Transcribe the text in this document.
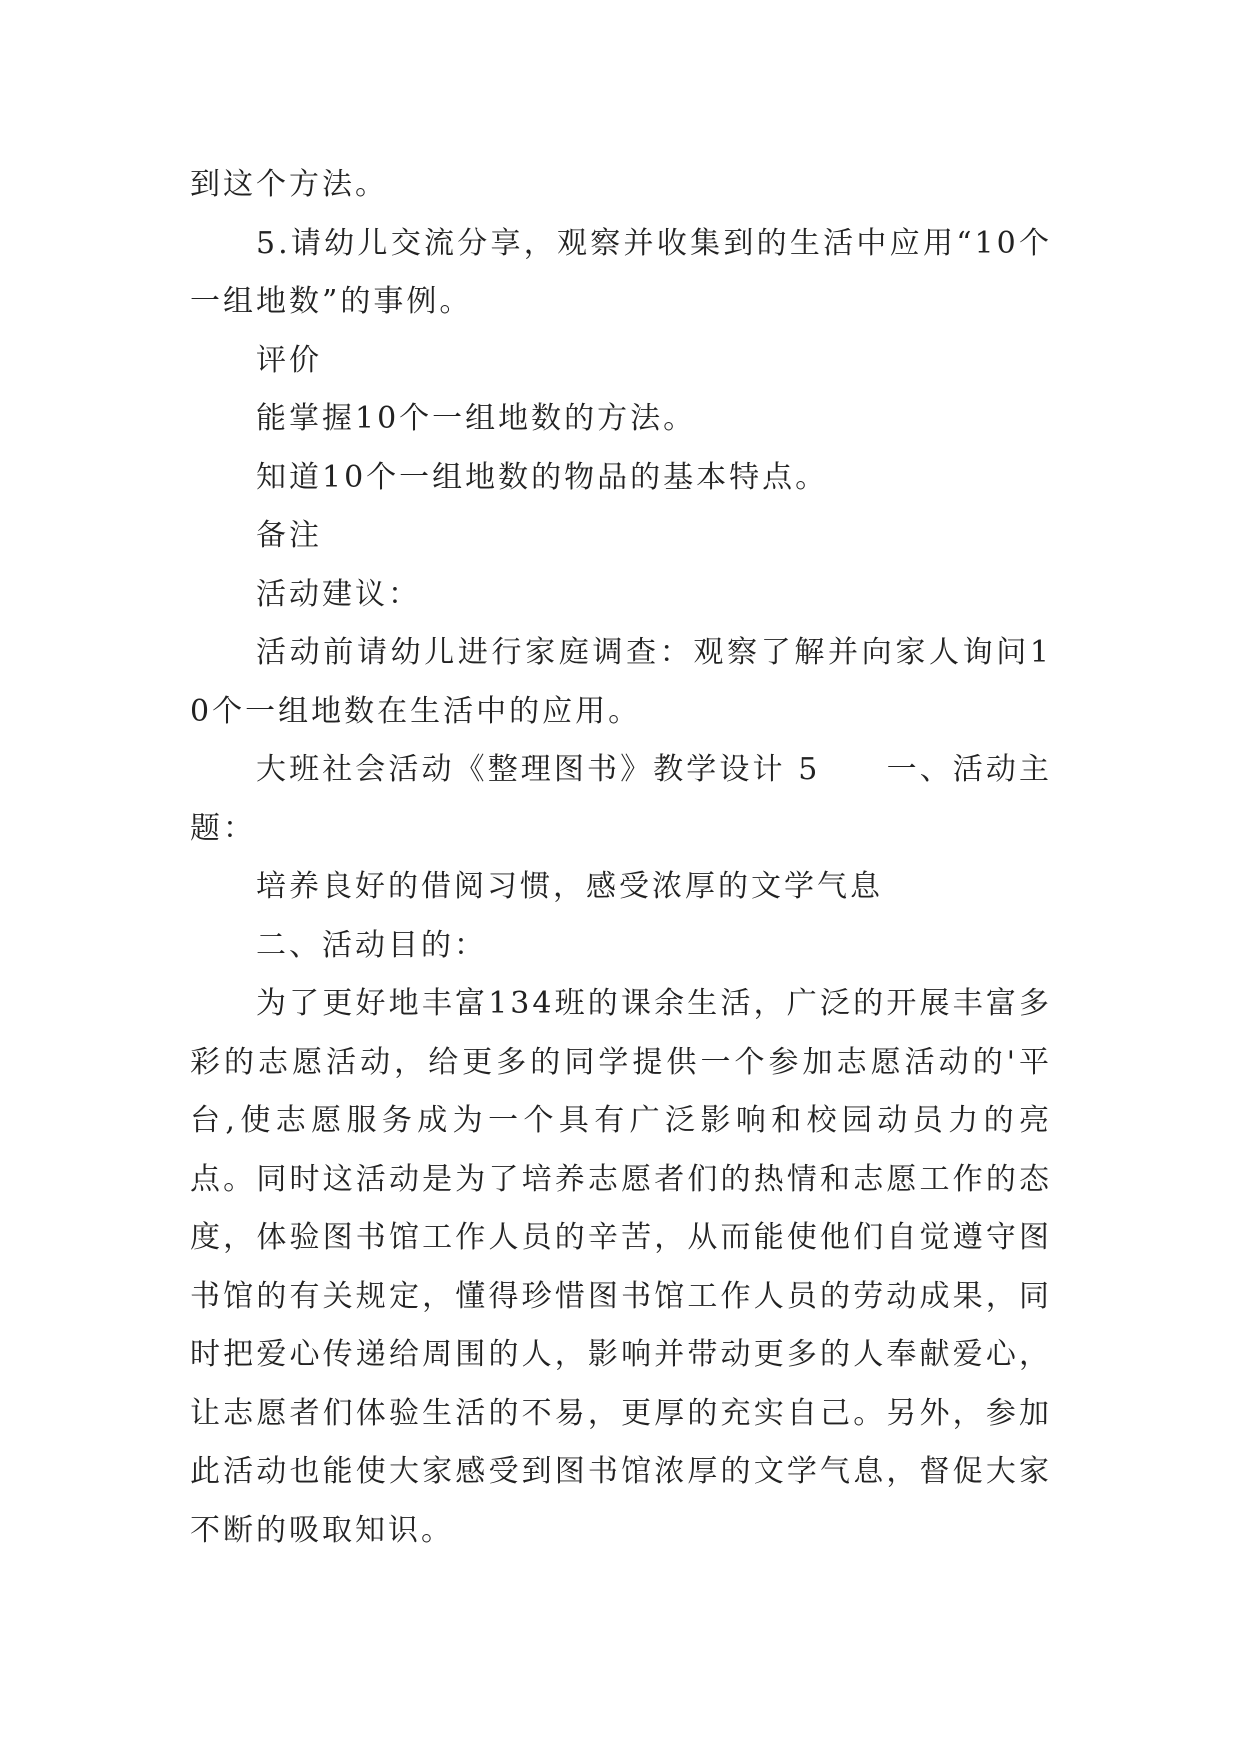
到这个方法。

5.请幼儿交流分享，观察并收集到的生活中应用“10个一组地数”的事例。

评价

能掌握10个一组地数的方法。

知道10个一组地数的物品的基本特点。

备注

活动建议：

活动前请幼儿进行家庭调查：观察了解并向家人询问10个一组地数在生活中的应用。

大班社会活动《整理图书》教学设计 5　　一、活动主题：

培养良好的借阅习惯，感受浓厚的文学气息

二、活动目的：

为了更好地丰富134班的课余生活，广泛的开展丰富多彩的志愿活动，给更多的同学提供一个参加志愿活动的'平台,使志愿服务成为一个具有广泛影响和校园动员力的亮点。同时这活动是为了培养志愿者们的热情和志愿工作的态度，体验图书馆工作人员的辛苦，从而能使他们自觉遵守图书馆的有关规定，懂得珍惜图书馆工作人员的劳动成果，同时把爱心传递给周围的人，影响并带动更多的人奉献爱心，让志愿者们体验生活的不易，更厚的充实自己。另外，参加此活动也能使大家感受到图书馆浓厚的文学气息，督促大家不断的吸取知识。
